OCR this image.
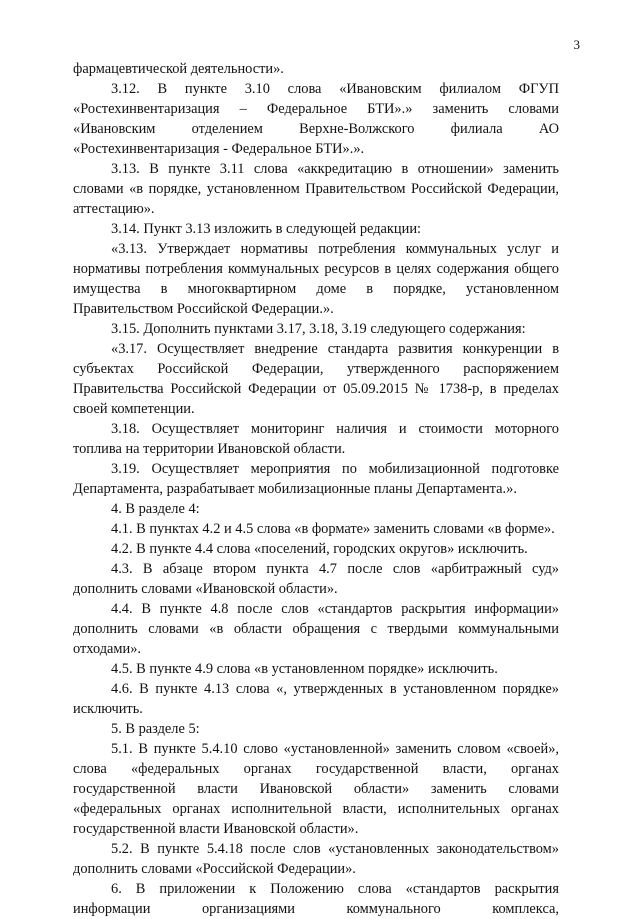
3

фармацевтической деятельности».

3.12. В пункте 3.10 слова «Ивановским филиалом ФГУП «Ростехинвентаризация – Федеральное БТИ».» заменить словами «Ивановским отделением Верхне-Волжского филиала АО «Ростехинвентаризация - Федеральное БТИ».».

3.13. В пункте 3.11 слова «аккредитацию в отношении» заменить словами «в порядке, установленном Правительством Российской Федерации, аттестацию».

3.14. Пункт 3.13 изложить в следующей редакции:

«3.13. Утверждает нормативы потребления коммунальных услуг и нормативы потребления коммунальных ресурсов в целях содержания общего имущества в многоквартирном доме в порядке, установленном Правительством Российской Федерации.».

3.15. Дополнить пунктами 3.17, 3.18, 3.19 следующего содержания:

«3.17. Осуществляет внедрение стандарта развития конкуренции в субъектах Российской Федерации, утвержденного распоряжением Правительства Российской Федерации от 05.09.2015 № 1738-р, в пределах своей компетенции.

3.18. Осуществляет мониторинг наличия и стоимости моторного топлива на территории Ивановской области.

3.19. Осуществляет мероприятия по мобилизационной подготовке Департамента, разрабатывает мобилизационные планы Департамента.».

4. В разделе 4:

4.1. В пунктах 4.2 и 4.5 слова «в формате» заменить словами «в форме».

4.2. В пункте 4.4 слова «поселений, городских округов» исключить.

4.3. В абзаце втором пункта 4.7 после слов «арбитражный суд» дополнить словами «Ивановской области».

4.4. В пункте 4.8 после слов «стандартов раскрытия информации» дополнить словами «в области обращения с твердыми коммунальными отходами».

4.5. В пункте 4.9 слова «в установленном порядке» исключить.

4.6. В пункте 4.13 слова «, утвержденных в установленном порядке» исключить.

5. В разделе 5:

5.1. В пункте 5.4.10 слово «установленной» заменить словом «своей», слова «федеральных органах государственной власти, органах государственной власти Ивановской области» заменить словами «федеральных органах исполнительной власти, исполнительных органах государственной власти Ивановской области».

5.2. В пункте 5.4.18 после слов «установленных законодательством» дополнить словами «Российской Федерации».

6. В приложении к Положению слова «стандартов раскрытия информации организациями коммунального комплекса,
